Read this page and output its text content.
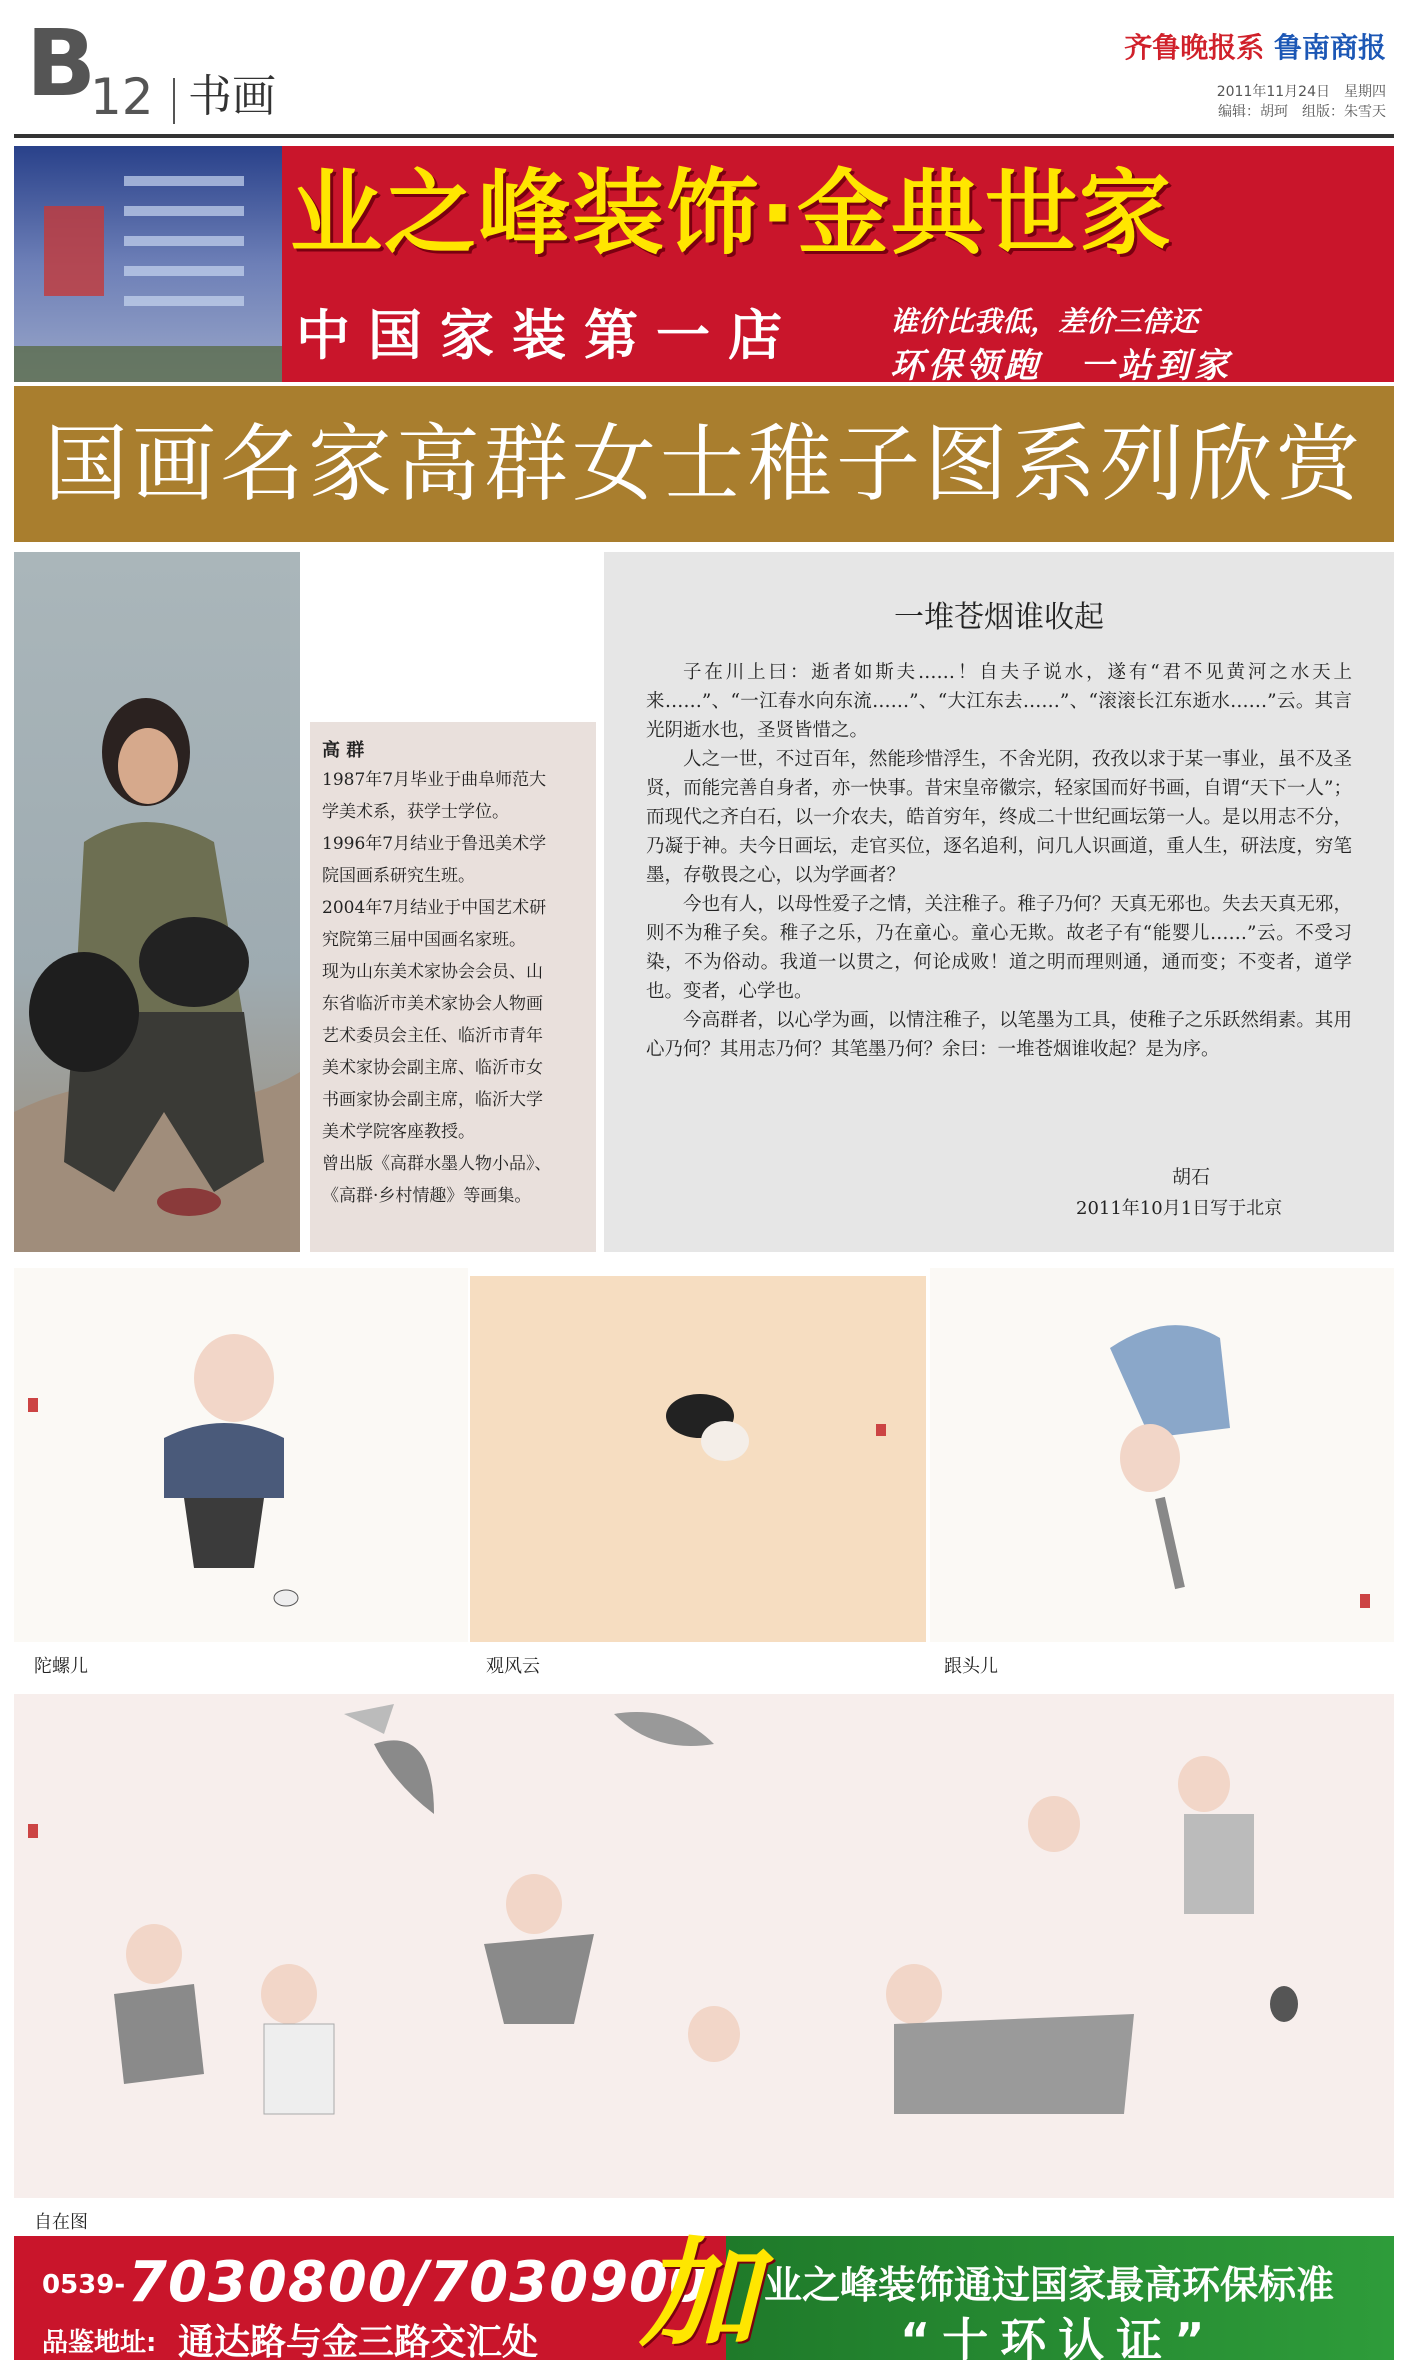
B
12 书画
齐鲁晚报系 鲁南商报
2011年11月24日　星期四
编辑：胡珂　组版：朱雪天
业之峰装饰·金典世家
中国家装第一店	谁价比我低，差价三倍还
环保领跑　一站到家
国画名家高群女士稚子图系列欣赏
高 群
1987年7月毕业于曲阜师范大
学美术系，获学士学位。
1996年7月结业于鲁迅美术学
院国画系研究生班。
2004年7月结业于中国艺术研
究院第三届中国画名家班。
现为山东美术家协会会员、山
东省临沂市美术家协会人物画
艺术委员会主任、临沂市青年
美术家协会副主席、临沂市女
书画家协会副主席，临沂大学
美术学院客座教授。
曾出版《高群水墨人物小品》、
《高群·乡村情趣》等画集。
一堆苍烟谁收起

子在川上曰：逝者如斯夫……！自夫子说水，遂有“君不见黄河之水天上来……”、“一江春水向东流……”、“大江东去……”、“滚滚长江东逝水……”云。其言光阴逝水也，圣贤皆惜之。

人之一世，不过百年，然能珍惜浮生，不舍光阴，孜孜以求于某一事业，虽不及圣贤，而能完善自身者，亦一快事。昔宋皇帝徽宗，轻家国而好书画，自谓“天下一人”；而现代之齐白石，以一介农夫，皓首穷年，终成二十世纪画坛第一人。是以用志不分，乃凝于神。夫今日画坛，走官买位，逐名追利，问几人识画道，重人生，研法度，穷笔墨，存敬畏之心，以为学画者？

今也有人，以母性爱子之情，关注稚子。稚子乃何？天真无邪也。失去天真无邪，则不为稚子矣。稚子之乐，乃在童心。童心无欺。故老子有“能婴儿……”云。不受习染，不为俗动。我道一以贯之，何论成败！道之明而理则通，通而变；不变者，道学也。变者，心学也。

今高群者，以心学为画，以情注稚子，以笔墨为工具，使稚子之乐跃然绢素。其用心乃何？其用志乃何？其笔墨乃何？余曰：一堆苍烟谁收起？是为序。

胡石
2011年10月1日写于北京
陀螺儿	观风云	跟头儿
自在图
0539- 7030800/7030900
品鉴地址: 通达路与金三路交汇处 加 业之峰装饰通过国家最高环保标准
“十环认证”
